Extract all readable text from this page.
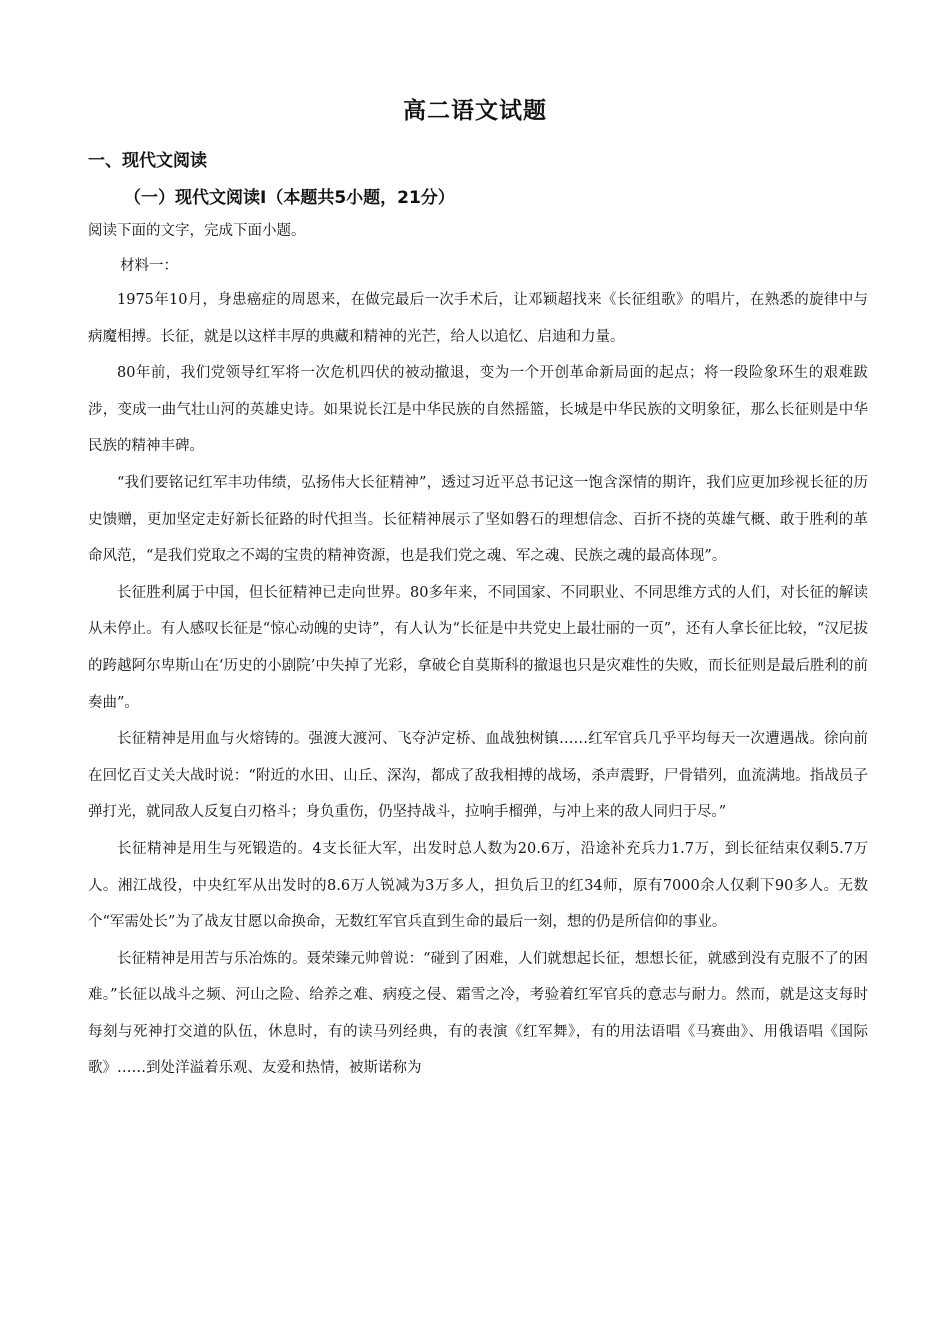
高二语文试题
一、现代文阅读
（一）现代文阅读Ⅰ（本题共5小题，21分）
阅读下面的文字，完成下面小题。
材料一：

1975年10月，身患癌症的周恩来，在做完最后一次手术后，让邓颖超找来《长征组歌》的唱片，在熟悉的旋律中与病魔相搏。长征，就是以这样丰厚的典藏和精神的光芒，给人以追忆、启迪和力量。

80年前，我们党领导红军将一次危机四伏的被动撤退，变为一个开创革命新局面的起点；将一段险象环生的艰难跋涉，变成一曲气壮山河的英雄史诗。如果说长江是中华民族的自然摇篮，长城是中华民族的文明象征，那么长征则是中华民族的精神丰碑。

“我们要铭记红军丰功伟绩，弘扬伟大长征精神”，透过习近平总书记这一饱含深情的期许，我们应更加珍视长征的历史馈赠，更加坚定走好新长征路的时代担当。长征精神展示了坚如磐石的理想信念、百折不挠的英雄气概、敢于胜利的革命风范，“是我们党取之不竭的宝贵的精神资源，也是我们党之魂、军之魂、民族之魂的最高体现”。

长征胜利属于中国，但长征精神已走向世界。80多年来，不同国家、不同职业、不同思维方式的人们，对长征的解读从未停止。有人感叹长征是“惊心动魄的史诗”，有人认为“长征是中共党史上最壮丽的一页”，还有人拿长征比较，“汉尼拔的跨越阿尔卑斯山在‘历史的小剧院’中失掉了光彩，拿破仑自莫斯科的撤退也只是灾难性的失败，而长征则是最后胜利的前奏曲”。

长征精神是用血与火熔铸的。强渡大渡河、飞夺泸定桥、血战独树镇……红军官兵几乎平均每天一次遭遇战。徐向前在回忆百丈关大战时说：“附近的水田、山丘、深沟，都成了敌我相搏的战场，杀声震野，尸骨错列，血流满地。指战员子弹打光，就同敌人反复白刃格斗；身负重伤，仍坚持战斗，拉响手榴弹，与冲上来的敌人同归于尽。”

长征精神是用生与死锻造的。4支长征大军，出发时总人数为20.6万，沿途补充兵力1.7万，到长征结束仅剩5.7万人。湘江战役，中央红军从出发时的8.6万人锐减为3万多人，担负后卫的红34师，原有7000余人仅剩下90多人。无数个“军需处长”为了战友甘愿以命换命，无数红军官兵直到生命的最后一刻，想的仍是所信仰的事业。

长征精神是用苦与乐冶炼的。聂荣臻元帅曾说：“碰到了困难，人们就想起长征，想想长征，就感到没有克服不了的困难。”长征以战斗之频、河山之险、给养之难、病疫之侵、霜雪之冷，考验着红军官兵的意志与耐力。然而，就是这支每时每刻与死神打交道的队伍，休息时，有的读马列经典，有的表演《红军舞》，有的用法语唱《马赛曲》、用俄语唱《国际歌》……到处洋溢着乐观、友爱和热情，被斯诺称为
